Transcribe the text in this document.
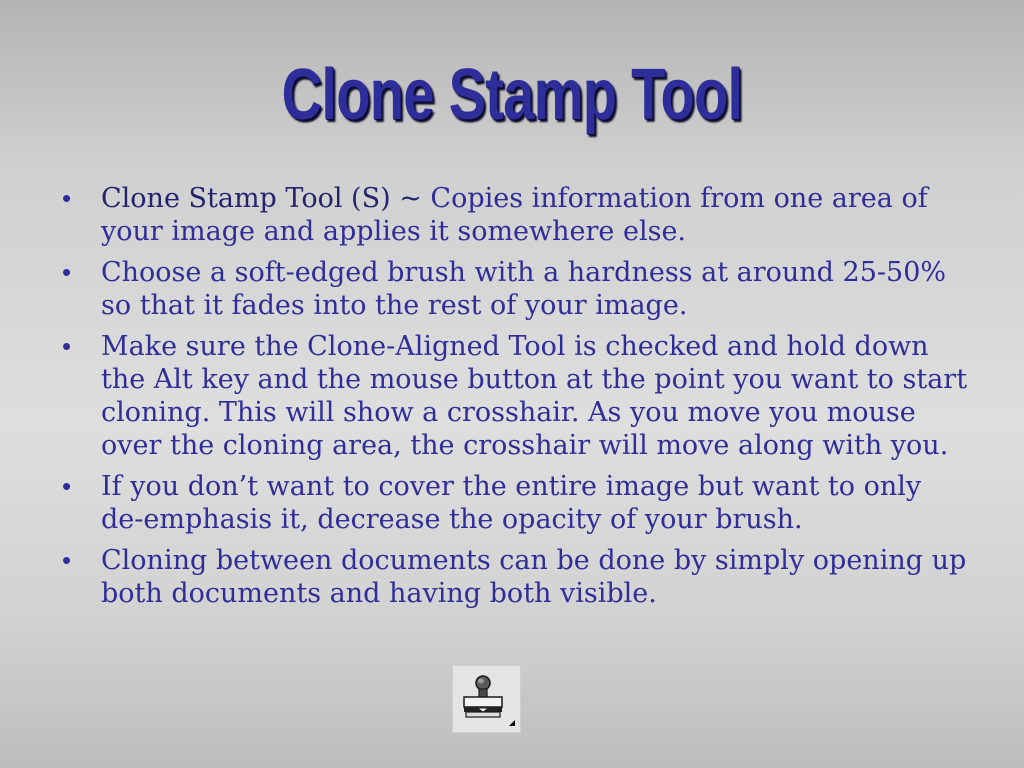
Clone Stamp Tool
• Clone Stamp Tool (S) ~ Copies information from one area of your image and applies it somewhere else.
• Choose a soft-edged brush with a hardness at around 25-50% so that it fades into the rest of your image.
• Make sure the Clone-Aligned Tool is checked and hold down the Alt key and the mouse button at the point you want to start cloning. This will show a crosshair. As you move you mouse over the cloning area, the crosshair will move along with you.
• If you don’t want to cover the entire image but want to only de-emphasis it, decrease the opacity of your brush.
• Cloning between documents can be done by simply opening up both documents and having both visible.
